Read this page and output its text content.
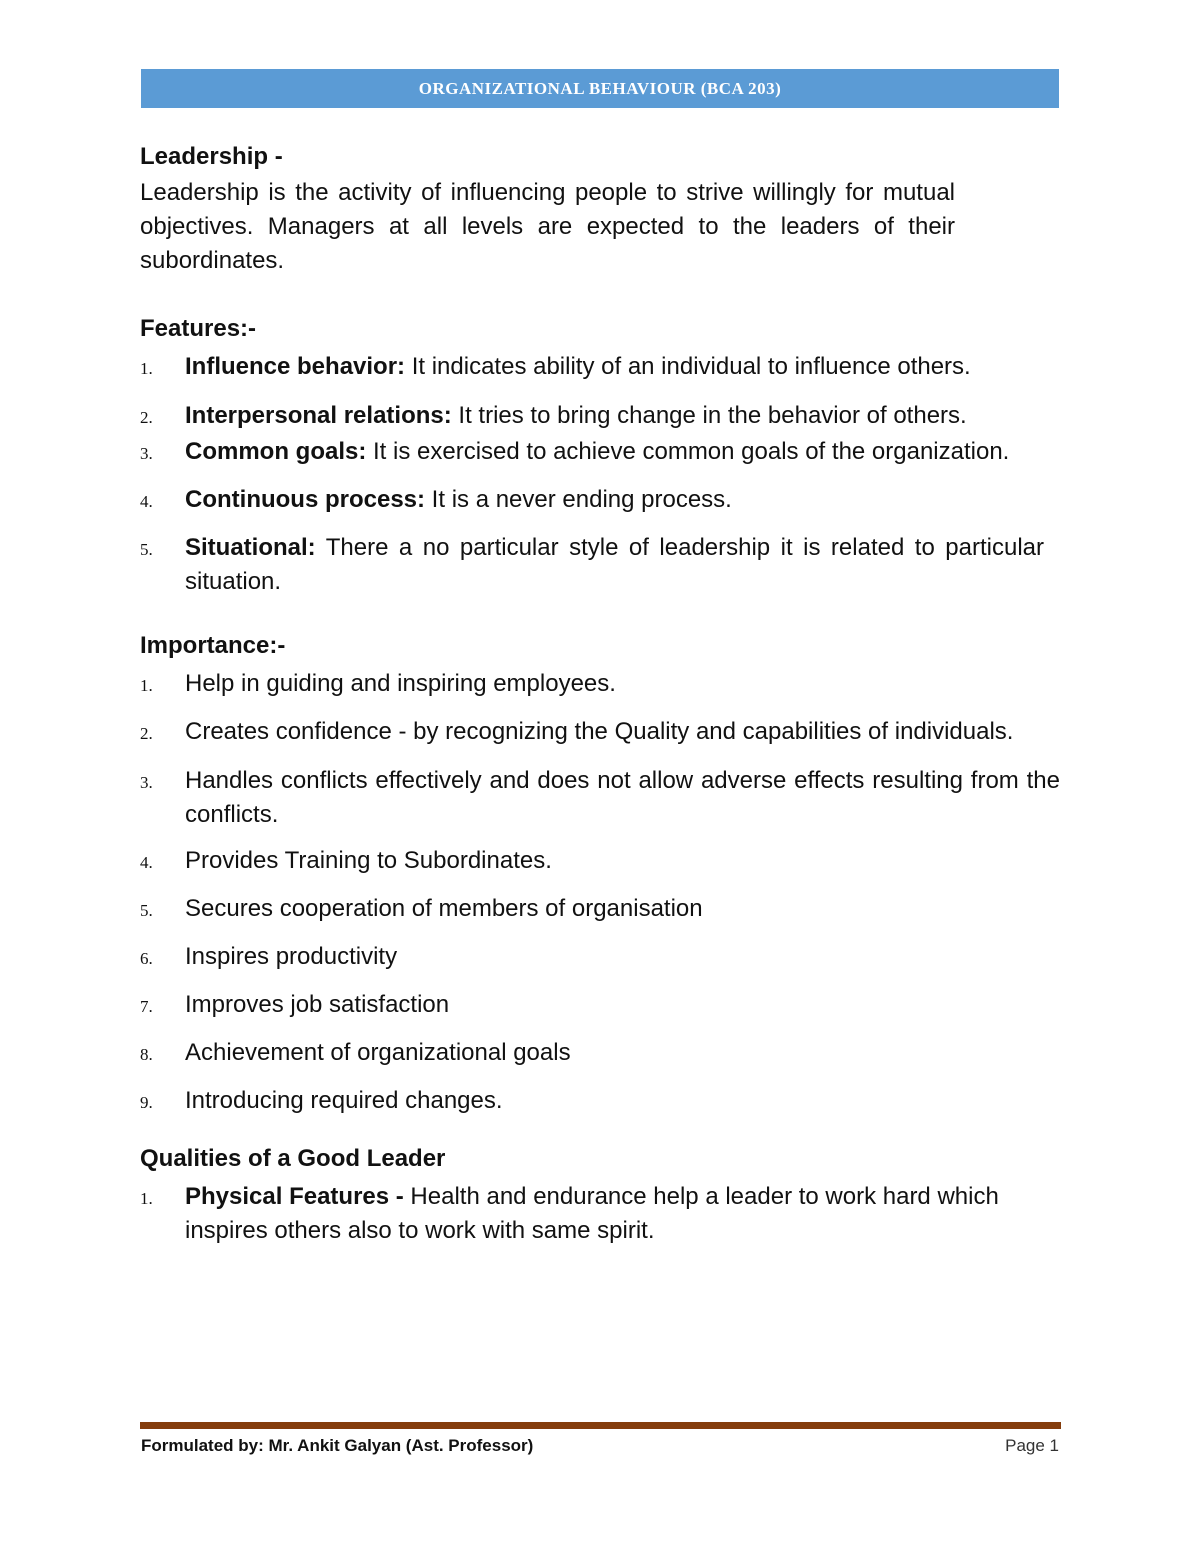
ORGANIZATIONAL BEHAVIOUR (BCA 203)

Leadership -

Leadership is the activity of influencing people to strive willingly for mutual objectives. Managers at all levels are expected to the leaders of their subordinates.

Features:-

1.	Influence behavior: It indicates ability of an individual to influence others.
2.	Interpersonal relations: It tries to bring change in the behavior of others.
3.	Common goals: It is exercised to achieve common goals of the organization.
4.	Continuous process: It is a never ending process.
5.	Situational: There a no particular style of leadership it is related to particular situation.

Importance:-

1.	Help in guiding and inspiring employees.
2.	Creates confidence - by recognizing the Quality and capabilities of individuals.
3.	Handles conflicts effectively and does not allow adverse effects resulting from the conflicts.
4.	Provides Training to Subordinates.
5.	Secures cooperation of members of organisation
6.	Inspires productivity
7.	Improves job satisfaction
8.	Achievement of organizational goals
9.	Introducing required changes.

Qualities of a Good Leader

1.	Physical Features - Health and endurance help a leader to work hard which inspires others also to work with same spirit.
Formulated by: Mr. Ankit Galyan (Ast. Professor)	Page 1
